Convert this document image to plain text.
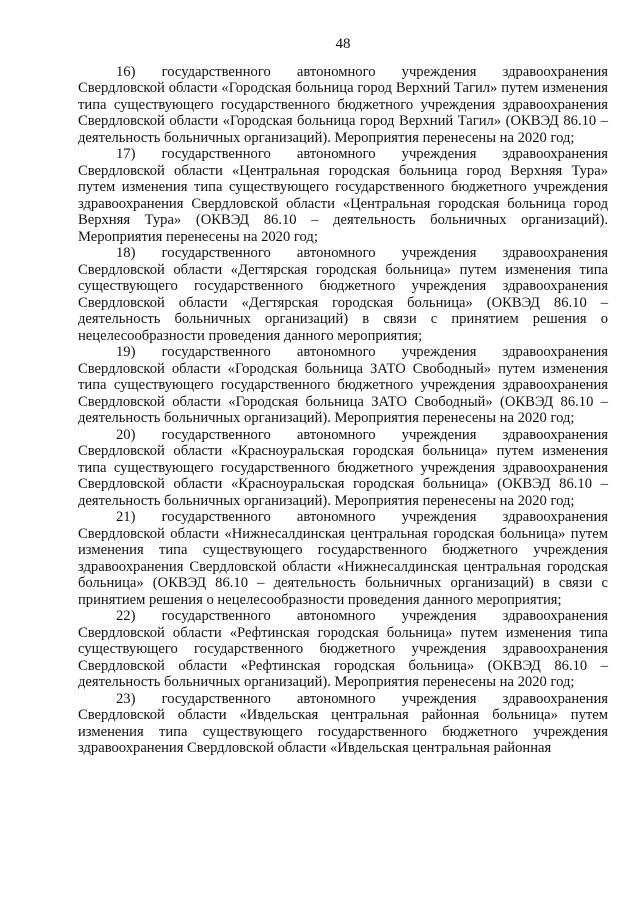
48

16) государственного автономного учреждения здравоохранения Свердловской области «Городская больница город Верхний Тагил» путем изменения типа существующего государственного бюджетного учреждения здравоохранения Свердловской области «Городская больница город Верхний Тагил» (ОКВЭД 86.10 – деятельность больничных организаций). Мероприятия перенесены на 2020 год;

17) государственного автономного учреждения здравоохранения Свердловской области «Центральная городская больница город Верхняя Тура» путем изменения типа существующего государственного бюджетного учреждения здравоохранения Свердловской области «Центральная городская больница город Верхняя Тура» (ОКВЭД 86.10 – деятельность больничных организаций). Мероприятия перенесены на 2020 год;

18) государственного автономного учреждения здравоохранения Свердловской области «Дегтярская городская больница» путем изменения типа существующего государственного бюджетного учреждения здравоохранения Свердловской области «Дегтярская городская больница» (ОКВЭД 86.10 – деятельность больничных организаций) в связи с принятием решения о нецелесообразности проведения данного мероприятия;

19) государственного автономного учреждения здравоохранения Свердловской области «Городская больница ЗАТО Свободный» путем изменения типа существующего государственного бюджетного учреждения здравоохранения Свердловской области «Городская больница ЗАТО Свободный» (ОКВЭД 86.10 – деятельность больничных организаций). Мероприятия перенесены на 2020 год;

20) государственного автономного учреждения здравоохранения Свердловской области «Красноуральская городская больница» путем изменения типа существующего государственного бюджетного учреждения здравоохранения Свердловской области «Красноуральская городская больница» (ОКВЭД 86.10 – деятельность больничных организаций). Мероприятия перенесены на 2020 год;

21) государственного автономного учреждения здравоохранения Свердловской области «Нижнесалдинская центральная городская больница» путем изменения типа существующего государственного бюджетного учреждения здравоохранения Свердловской области «Нижнесалдинская центральная городская больница» (ОКВЭД 86.10 – деятельность больничных организаций) в связи с принятием решения о нецелесообразности проведения данного мероприятия;

22) государственного автономного учреждения здравоохранения Свердловской области «Рефтинская городская больница» путем изменения типа существующего государственного бюджетного учреждения здравоохранения Свердловской области «Рефтинская городская больница» (ОКВЭД 86.10 – деятельность больничных организаций). Мероприятия перенесены на 2020 год;

23) государственного автономного учреждения здравоохранения Свердловской области «Ивдельская центральная районная больница» путем изменения типа существующего государственного бюджетного учреждения здравоохранения Свердловской области «Ивдельская центральная районная
